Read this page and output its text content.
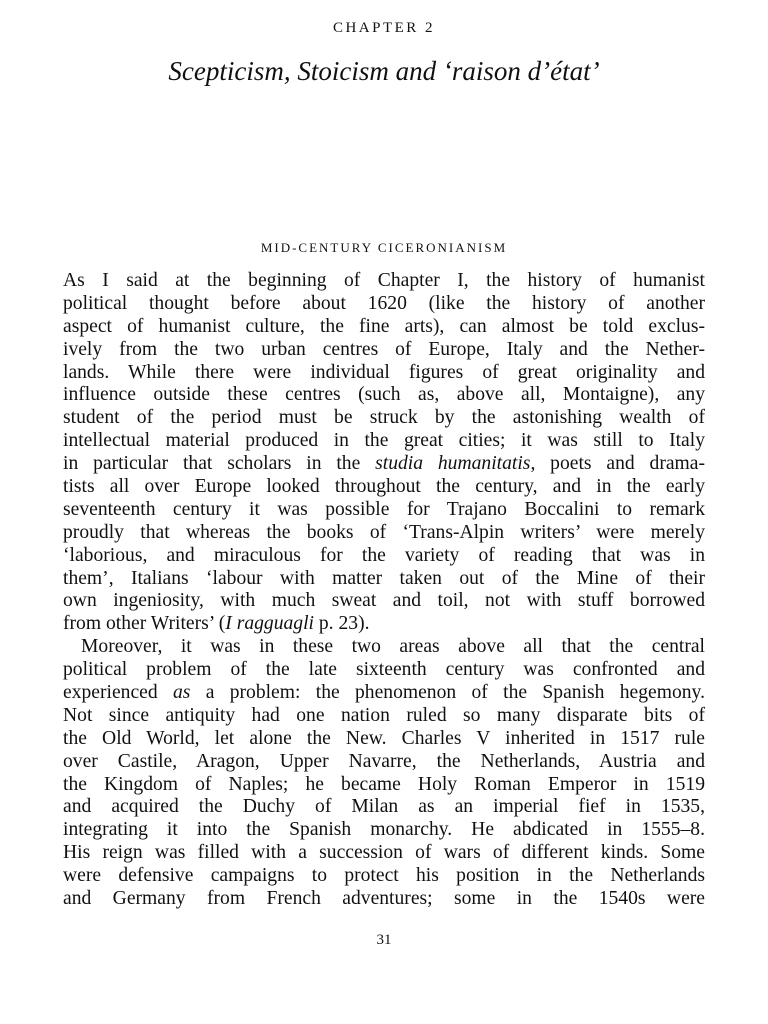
CHAPTER 2
Scepticism, Stoicism and ‘raison d’état’
MID-CENTURY CICERONIANISM
As I said at the beginning of Chapter I, the history of humanist
political thought before about 1620 (like the history of another
aspect of humanist culture, the fine arts), can almost be told exclus-
ively from the two urban centres of Europe, Italy and the Nether-
lands. While there were individual figures of great originality and
influence outside these centres (such as, above all, Montaigne), any
student of the period must be struck by the astonishing wealth of
intellectual material produced in the great cities; it was still to Italy
in particular that scholars in the studia humanitatis, poets and drama-
tists all over Europe looked throughout the century, and in the early
seventeenth century it was possible for Trajano Boccalini to remark
proudly that whereas the books of ‘Trans-Alpin writers’ were merely
‘laborious, and miraculous for the variety of reading that was in
them’, Italians ‘labour with matter taken out of the Mine of their
own ingeniosity, with much sweat and toil, not with stuff borrowed
from other Writers’ (I ragguagli p. 23).
Moreover, it was in these two areas above all that the central
political problem of the late sixteenth century was confronted and
experienced as a problem: the phenomenon of the Spanish hegemony.
Not since antiquity had one nation ruled so many disparate bits of
the Old World, let alone the New. Charles V inherited in 1517 rule
over Castile, Aragon, Upper Navarre, the Netherlands, Austria and
the Kingdom of Naples; he became Holy Roman Emperor in 1519
and acquired the Duchy of Milan as an imperial fief in 1535,
integrating it into the Spanish monarchy. He abdicated in 1555–8.
His reign was filled with a succession of wars of different kinds. Some
were defensive campaigns to protect his position in the Netherlands
and Germany from French adventures; some in the 1540s were
31
